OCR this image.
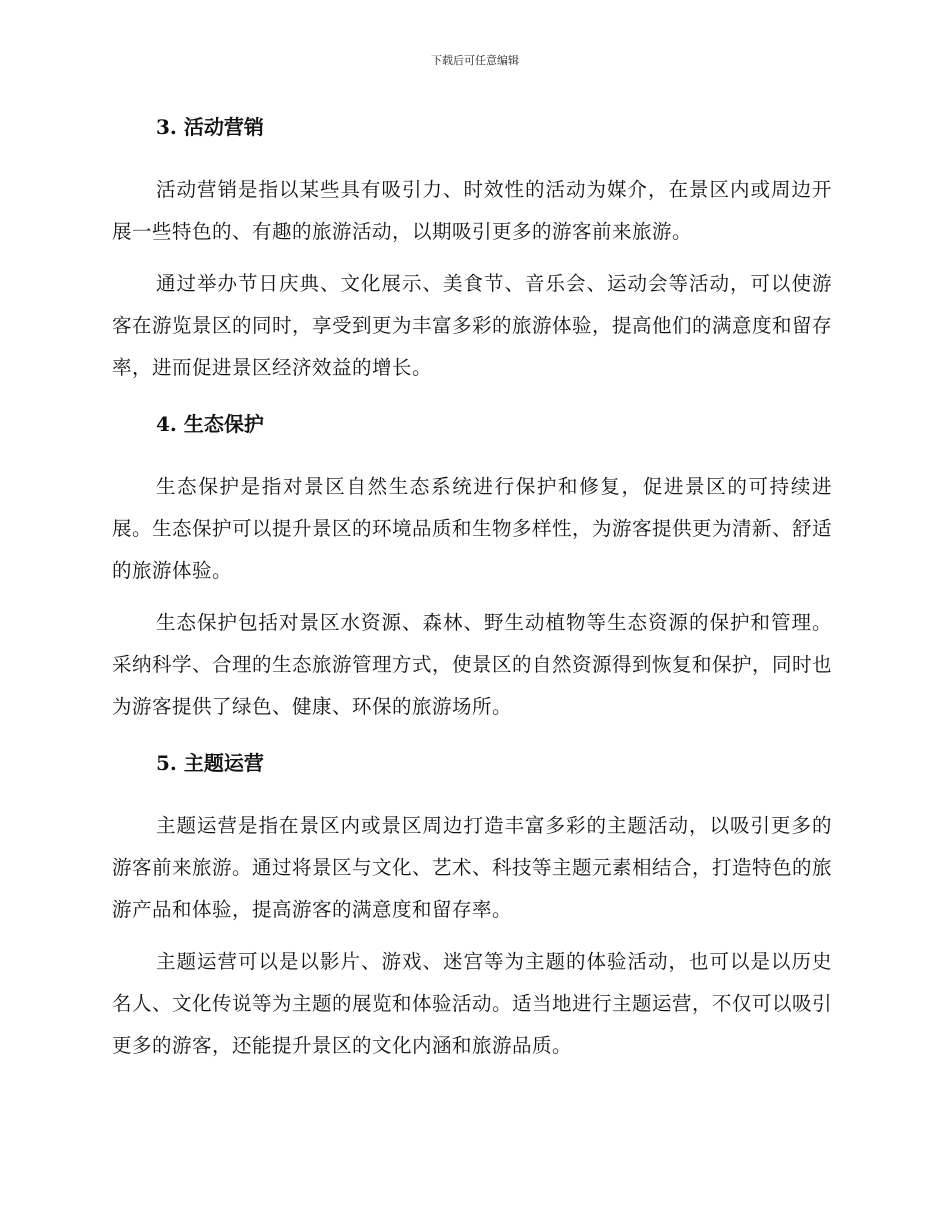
下载后可任意编辑
3. 活动营销

活动营销是指以某些具有吸引力、时效性的活动为媒介，在景区内或周边开展一些特色的、有趣的旅游活动，以期吸引更多的游客前来旅游。

通过举办节日庆典、文化展示、美食节、音乐会、运动会等活动，可以使游客在游览景区的同时，享受到更为丰富多彩的旅游体验，提高他们的满意度和留存率，进而促进景区经济效益的增长。

4. 生态保护

生态保护是指对景区自然生态系统进行保护和修复，促进景区的可持续进展。生态保护可以提升景区的环境品质和生物多样性，为游客提供更为清新、舒适的旅游体验。

生态保护包括对景区水资源、森林、野生动植物等生态资源的保护和管理。采纳科学、合理的生态旅游管理方式，使景区的自然资源得到恢复和保护，同时也为游客提供了绿色、健康、环保的旅游场所。

5. 主题运营

主题运营是指在景区内或景区周边打造丰富多彩的主题活动，以吸引更多的游客前来旅游。通过将景区与文化、艺术、科技等主题元素相结合，打造特色的旅游产品和体验，提高游客的满意度和留存率。

主题运营可以是以影片、游戏、迷宫等为主题的体验活动，也可以是以历史名人、文化传说等为主题的展览和体验活动。适当地进行主题运营，不仅可以吸引更多的游客，还能提升景区的文化内涵和旅游品质。
